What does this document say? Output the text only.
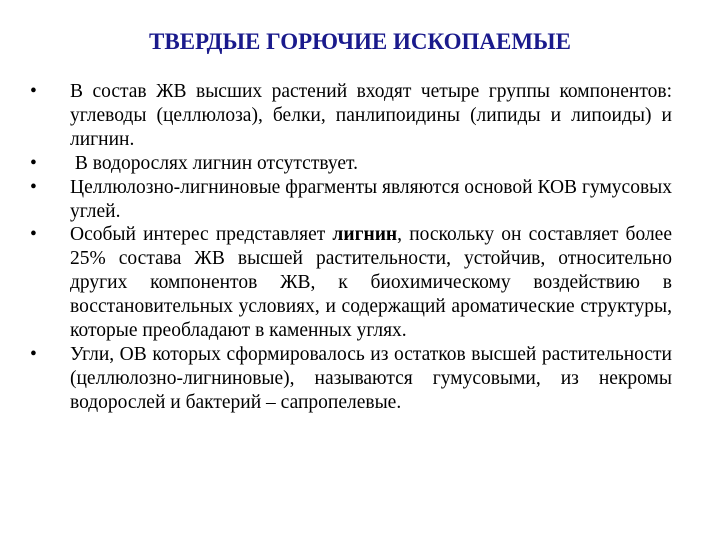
ТВЕРДЫЕ ГОРЮЧИЕ ИСКОПАЕМЫЕ
•	В состав ЖВ высших растений входят четыре группы компонентов: углеводы (целлюлоза), белки, панлипоидины (липиды и липоиды) и лигнин.
•	В водорослях лигнин отсутствует.
•	Целлюлозно-лигниновые фрагменты являются основой КОВ гумусовых углей.
•	Особый интерес представляет лигнин, поскольку он составляет более 25% состава ЖВ высшей растительности, устойчив, относительно других компонентов ЖВ, к биохимическому воздействию в восстановительных условиях, и содержащий ароматические структуры, которые преобладают в каменных углях.
•	Угли, ОВ которых сформировалось из остатков высшей растительности (целлюлозно-лигниновые), называются гумусовыми, из некромы водорослей и бактерий – сапропелевые.
